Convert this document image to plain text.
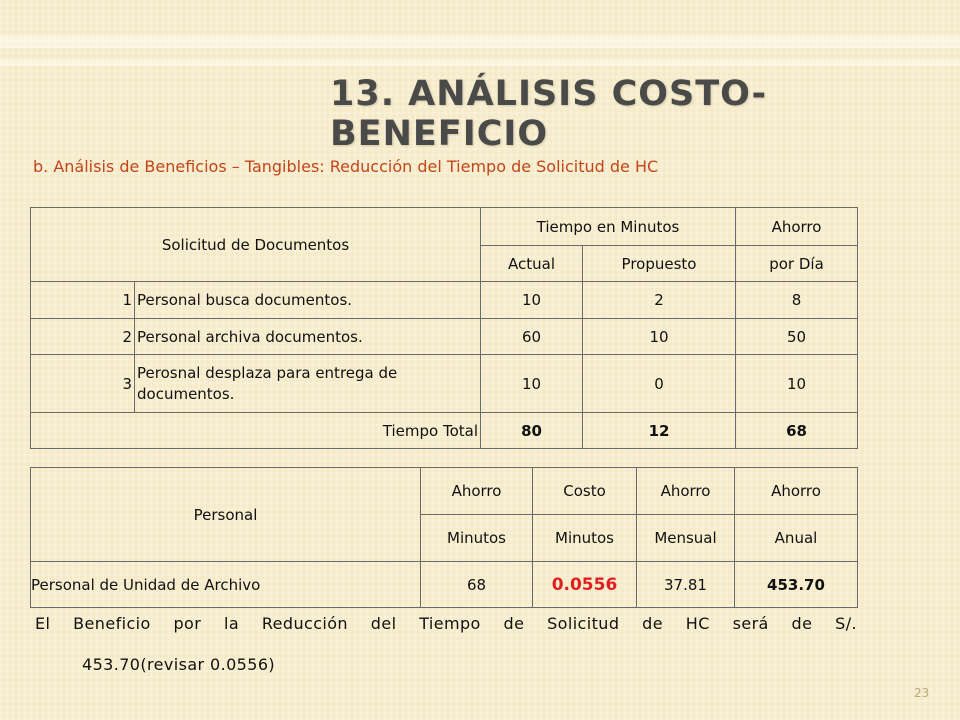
13. ANÁLISIS COSTO-BENEFICIO
b. Análisis de Beneficios – Tangibles: Reducción del Tiempo de Solicitud de HC
Solicitud de Documentos		Tiempo en Minutos		Ahorro
		Actual	Propuesto	por Día
1	Personal busca documentos.	10	2	8
2	Personal archiva documentos.	60	10	50
3	Perosnal desplaza para entrega de documentos.	10	0	10
Tiempo Total		80	12	68
Personal	Ahorro	Costo	Ahorro	Ahorro
	Minutos	Minutos	Mensual	Anual
Personal de Unidad de Archivo	68	0.0556	37.81	453.70
El Beneficio por la Reducción del Tiempo de Solicitud de HC será de S/.
453.70(revisar 0.0556)
23
